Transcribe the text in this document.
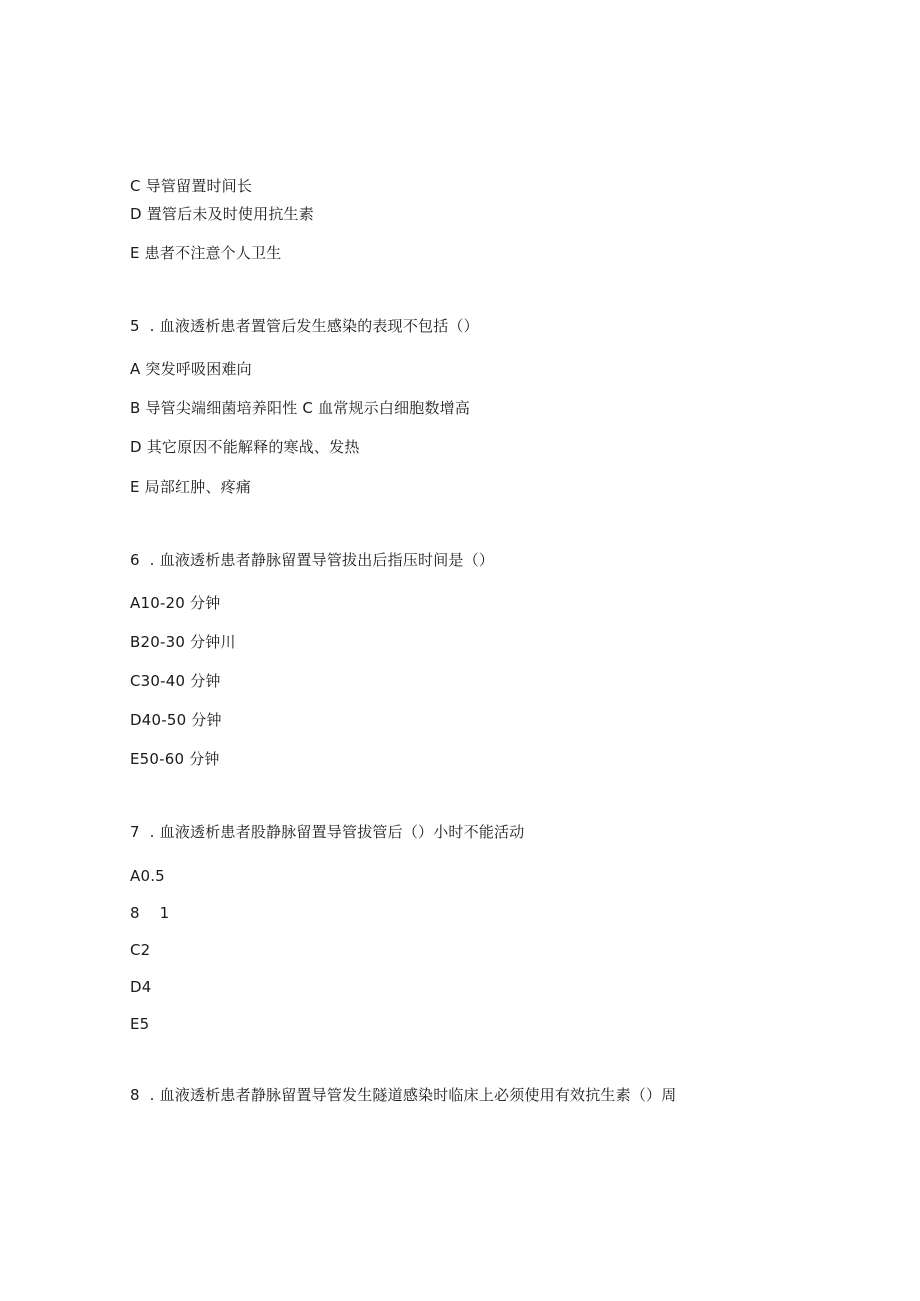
C 导管留置时间长
D 置管后未及时使用抗生素
E 患者不注意个人卫生
5  . 血液透析患者置管后发生感染的表现不包括（）
A 突发呼吸困难向
B 导管尖端细菌培养阳性 C 血常规示白细胞数增高
D 其它原因不能解释的寒战、发热
E 局部红肿、疼痛
6  . 血液透析患者静脉留置导管拔出后指压时间是（）
A10-20 分钟
B20-30 分钟川
C30-40 分钟
D40-50 分钟
E50-60 分钟
7  . 血液透析患者股静脉留置导管拔管后（）小时不能活动
A0.5
8    1
C2
D4
E5
8  . 血液透析患者静脉留置导管发生隧道感染时临床上必须使用有效抗生素（）周
